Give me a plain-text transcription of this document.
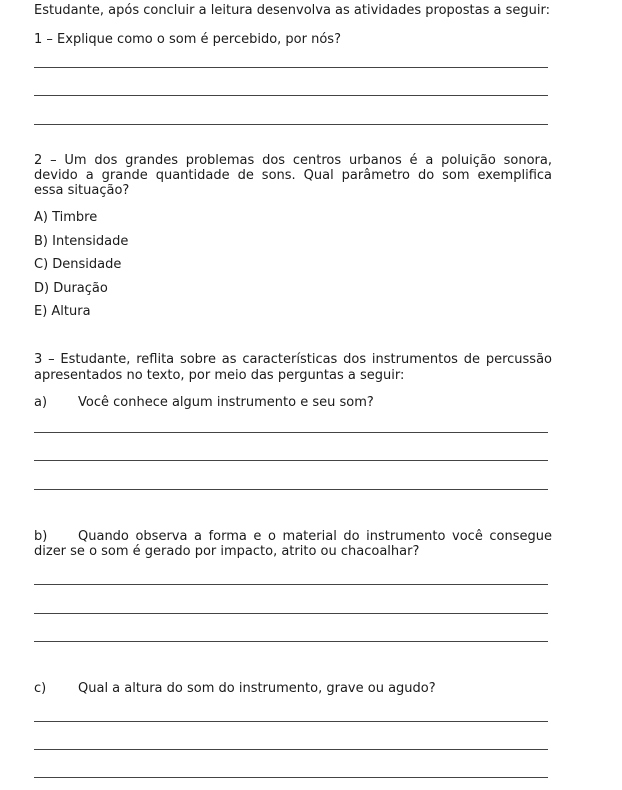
Estudante, após concluir a leitura desenvolva as atividades propostas a seguir:
1 – Explique como o som é percebido, por nós?
2 – Um dos grandes problemas dos centros urbanos é a poluição sonora,
devido a grande quantidade de sons. Qual parâmetro do som exemplifica
essa situação?
A) Timbre
B) Intensidade
C) Densidade
D) Duração
E) Altura
3 – Estudante, reflita sobre as características dos instrumentos de percussão
apresentados no texto, por meio das perguntas a seguir:
a) Você conhece algum instrumento e seu som?
b) Quando observa a forma e o material do instrumento você consegue
dizer se o som é gerado por impacto, atrito ou chacoalhar?
c) Qual a altura do som do instrumento, grave ou agudo?
